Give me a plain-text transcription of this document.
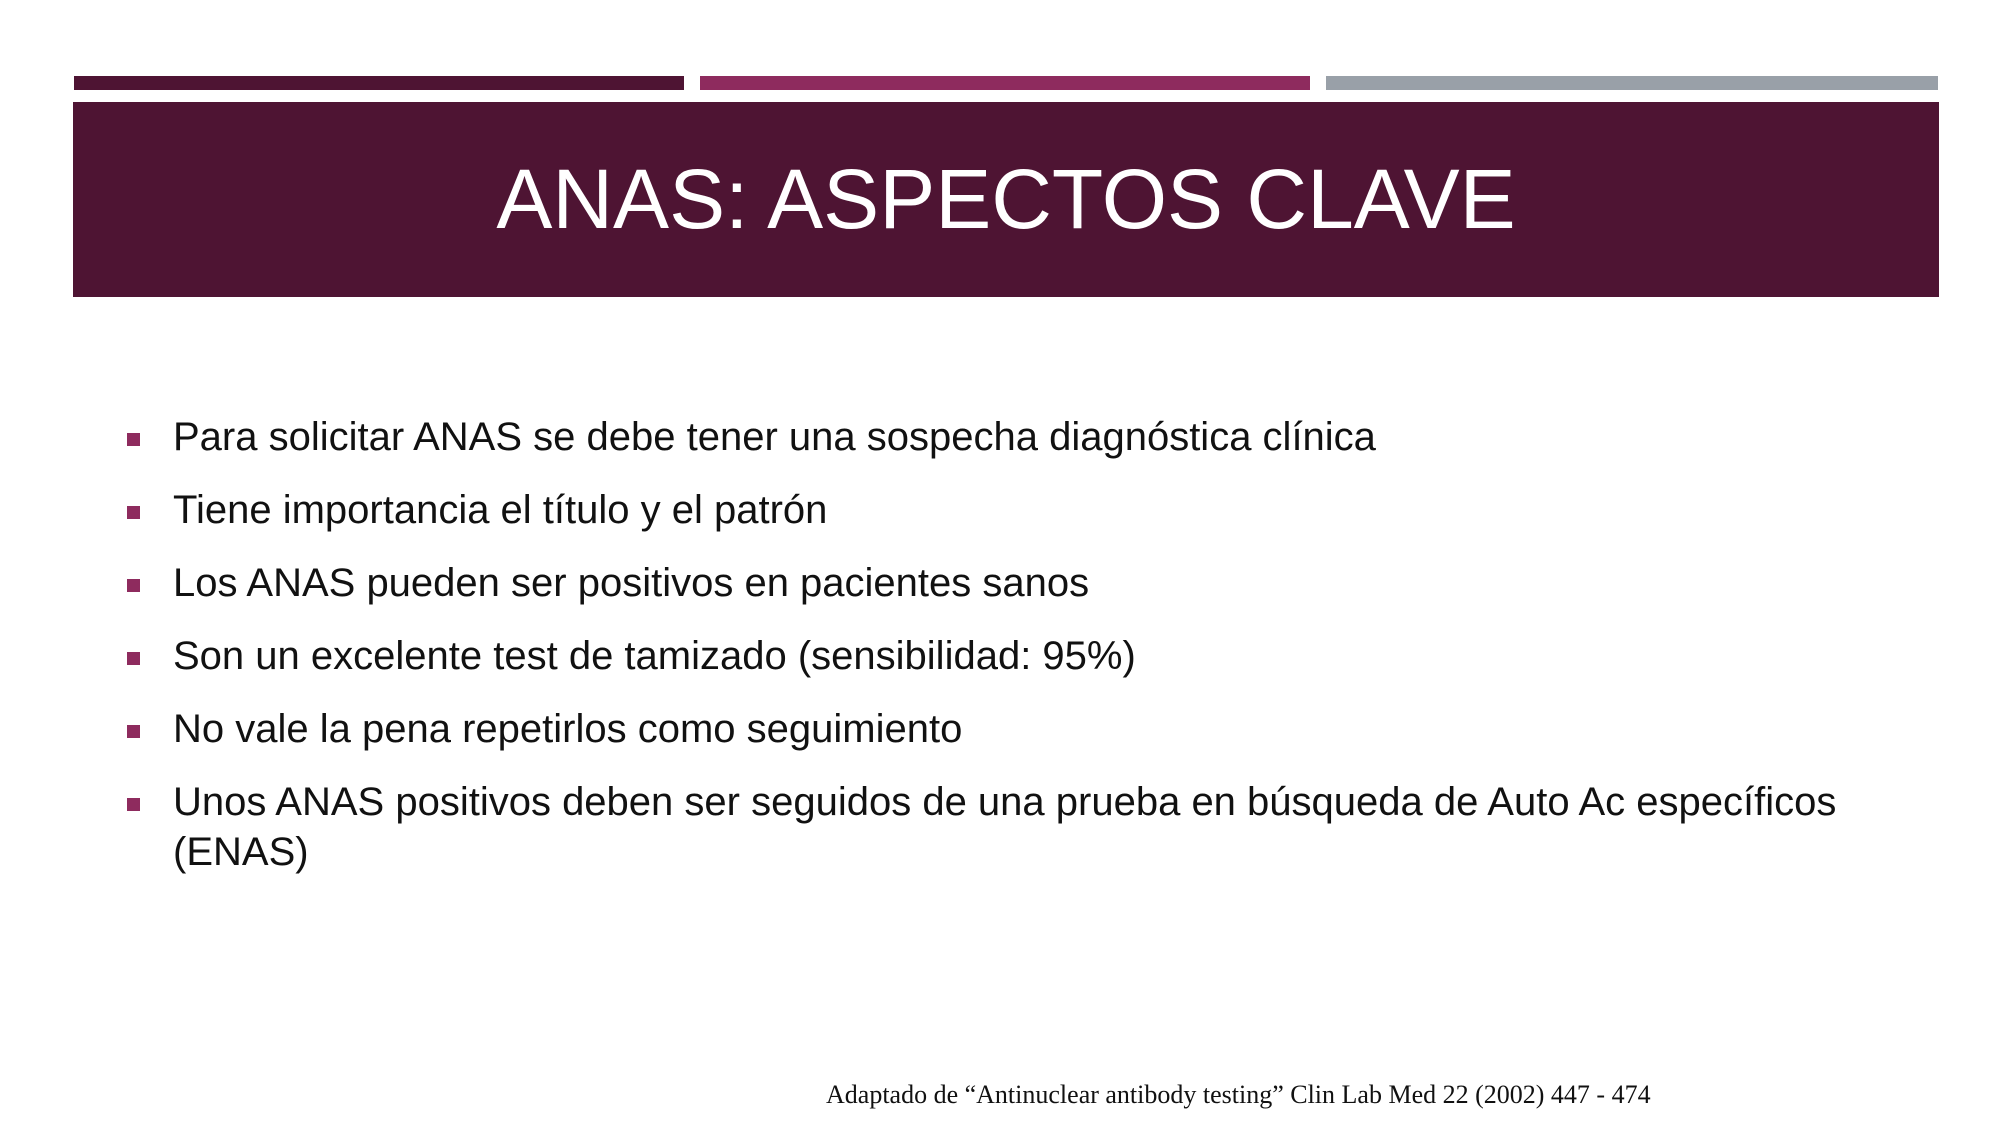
ANAS: ASPECTOS CLAVE
Para solicitar ANAS se debe tener una sospecha diagnóstica clínica
Tiene importancia el título y el patrón
Los ANAS pueden ser positivos en pacientes sanos
Son un excelente test de tamizado (sensibilidad: 95%)
No vale la pena repetirlos como seguimiento
Unos ANAS positivos deben ser seguidos de una prueba en búsqueda de Auto Ac específicos (ENAS)
Adaptado de “Antinuclear antibody testing” Clin Lab Med 22 (2002) 447 - 474
